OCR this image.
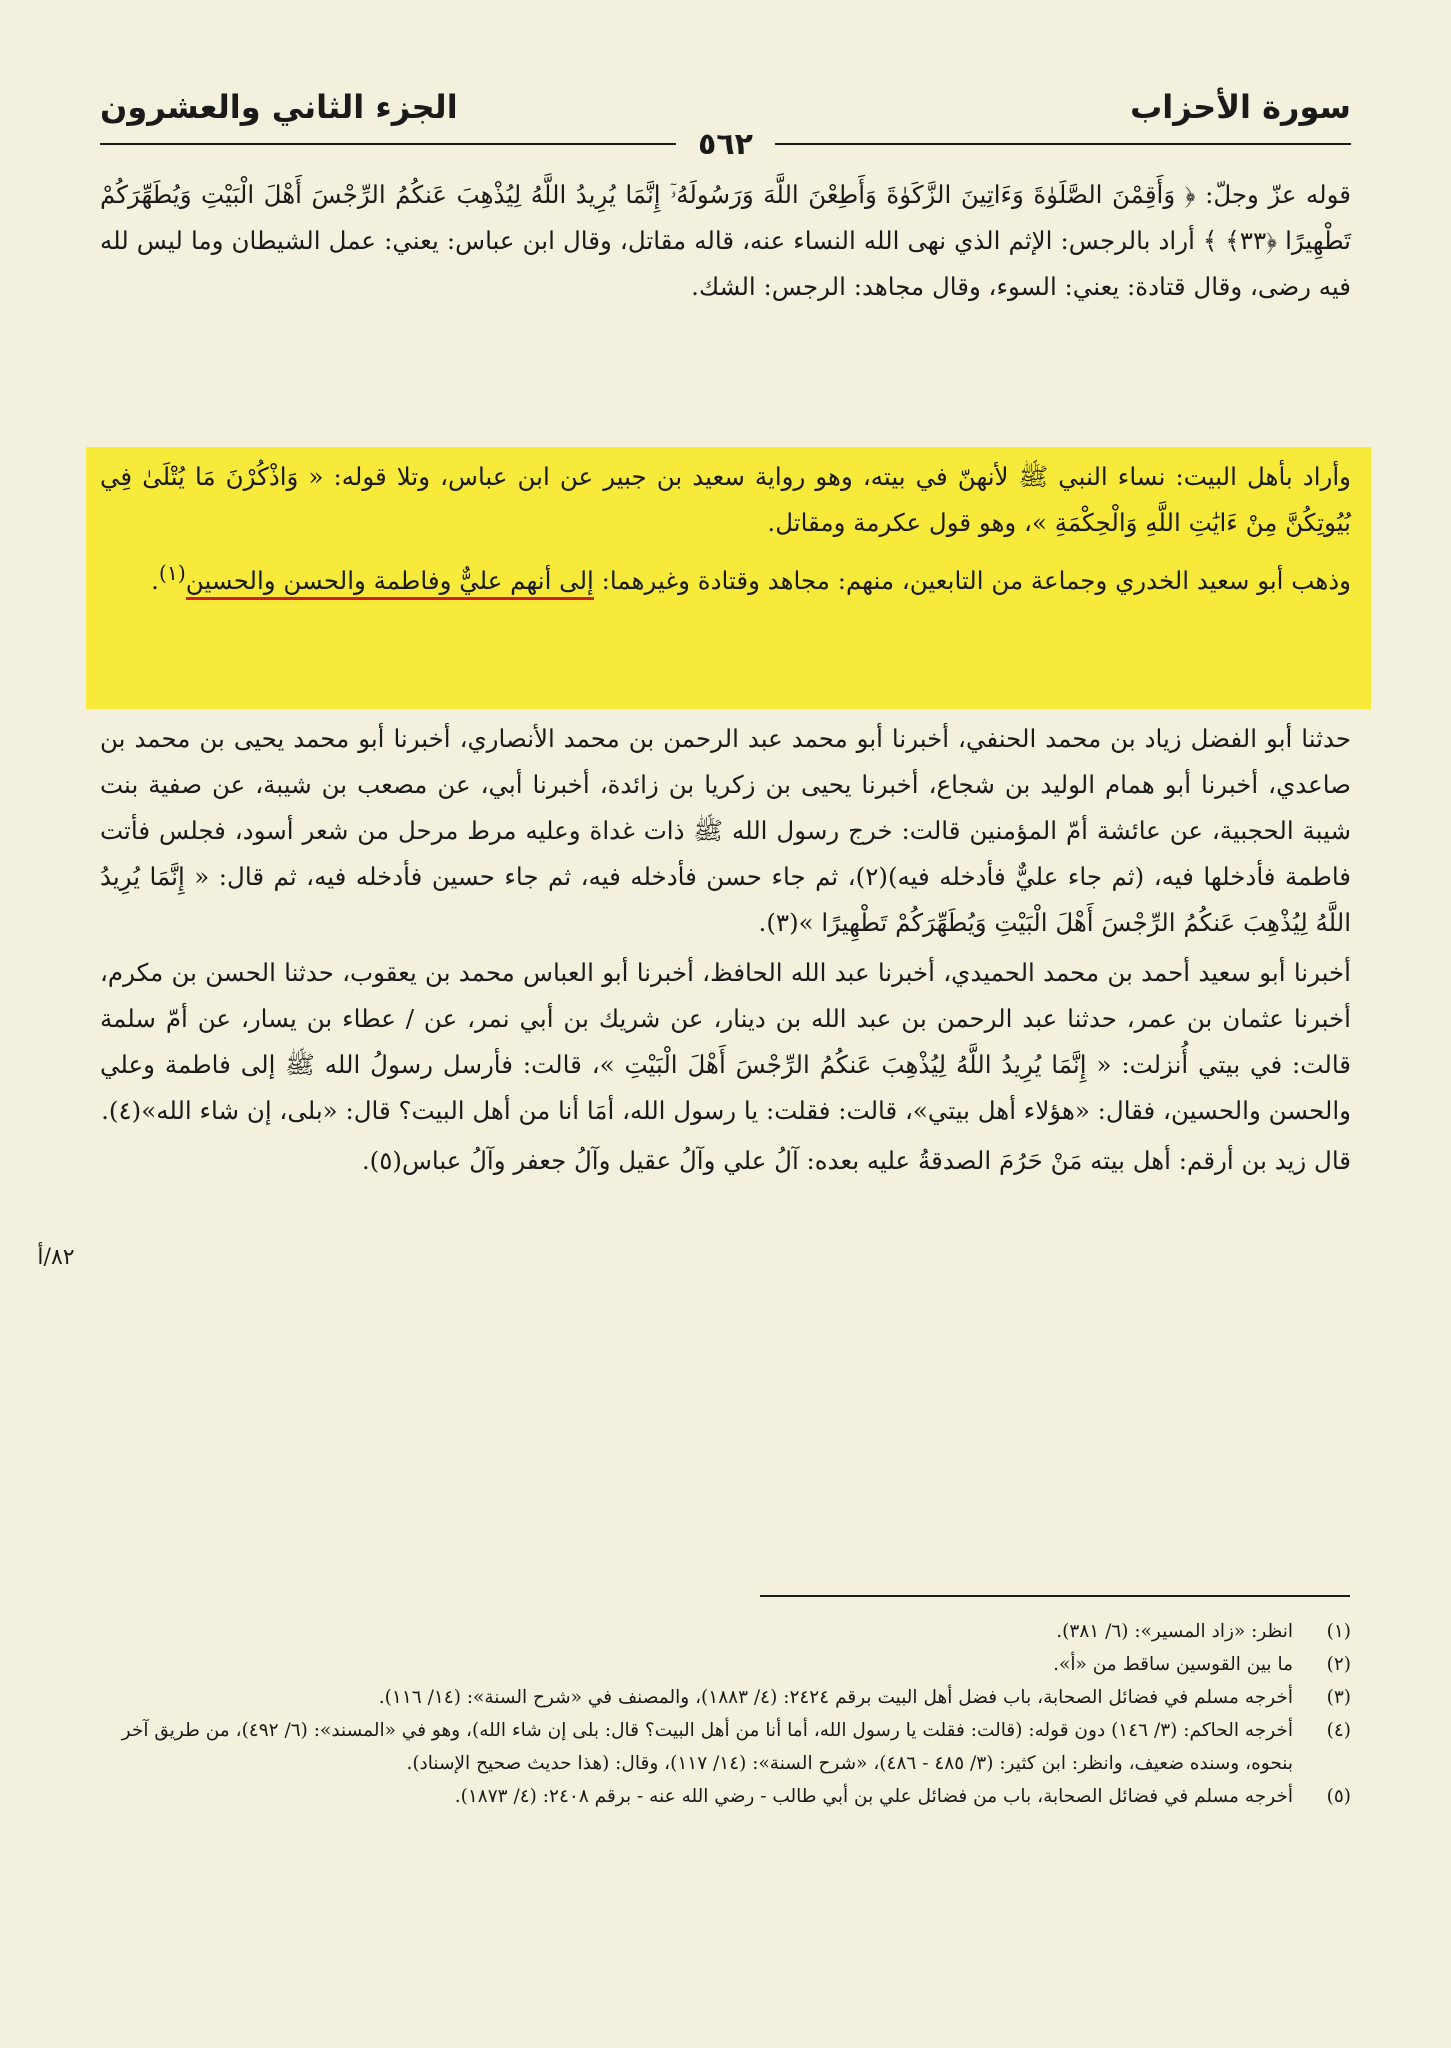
سورة الأحزاب
الجزء الثاني والعشرون
٥٦٢

قوله عزّ وجلّ: ﴿ وَأَقِمْنَ الصَّلَوٰةَ وَءَاتِينَ الزَّكَوٰةَ وَأَطِعْنَ اللَّهَ وَرَسُولَهُۥٓ إِنَّمَا يُرِيدُ اللَّهُ لِيُذْهِبَ عَنكُمُ الرِّجْسَ أَهْلَ الْبَيْتِ وَيُطَهِّرَكُمْ تَطْهِيرًا ﴿٣٣﴾ ﴾ أراد بالرجس: الإثم الذي نهى الله النساء عنه، قاله مقاتل، وقال ابن عباس: يعني: عمل الشيطان وما ليس لله فيه رضى، وقال قتادة: يعني: السوء، وقال مجاهد: الرجس: الشك.

وأراد بأهل البيت: نساء النبي ﷺ لأنهنّ في بيته، وهو رواية سعيد بن جبير عن ابن عباس، وتلا قوله: « وَاذْكُرْنَ مَا يُتْلَىٰ فِي بُيُوتِكُنَّ مِنْ ءَايَٰتِ اللَّهِ وَالْحِكْمَةِ »، وهو قول عكرمة ومقاتل.

وذهب أبو سعيد الخدري وجماعة من التابعين، منهم: مجاهد وقتادة وغيرهما: إلى أنهم عليٌّ وفاطمة والحسن والحسين$^{(١)}$.

حدثنا أبو الفضل زياد بن محمد الحنفي، أخبرنا أبو محمد عبد الرحمن بن محمد الأنصاري، أخبرنا أبو محمد يحيى بن محمد بن صاعدي، أخبرنا أبو همام الوليد بن شجاع، أخبرنا يحيى بن زكريا بن زائدة، أخبرنا أبي، عن مصعب بن شيبة، عن صفية بنت شيبة الحجبية، عن عائشة أمّ المؤمنين قالت: خرج رسول الله ﷺ ذات غداة وعليه مرط مرحل من شعر أسود، فجلس فأتت فاطمة فأدخلها فيه، (ثم جاء عليٌّ فأدخله فيه)(٢)، ثم جاء حسن فأدخله فيه، ثم جاء حسين فأدخله فيه، ثم قال: « إِنَّمَا يُرِيدُ اللَّهُ لِيُذْهِبَ عَنكُمُ الرِّجْسَ أَهْلَ الْبَيْتِ وَيُطَهِّرَكُمْ تَطْهِيرًا »(٣).

أخبرنا أبو سعيد أحمد بن محمد الحميدي، أخبرنا عبد الله الحافظ، أخبرنا أبو العباس محمد بن يعقوب، حدثنا الحسن بن مكرم، أخبرنا عثمان بن عمر، حدثنا عبد الرحمن بن عبد الله بن دينار، عن شريك بن أبي نمر، عن / عطاء بن يسار، عن أمّ سلمة قالت: في بيتي أُنزلت: « إِنَّمَا يُرِيدُ اللَّهُ لِيُذْهِبَ عَنكُمُ الرِّجْسَ أَهْلَ الْبَيْتِ »، قالت: فأرسل رسولُ الله ﷺ إلى فاطمة وعلي والحسن والحسين، فقال: «هؤلاء أهل بيتي»، قالت: فقلت: يا رسول الله، أمَا أنا من أهل البيت؟ قال: «بلى، إن شاء الله»(٤).

قال زيد بن أرقم: أهل بيته مَنْ حَرُمَ الصدقةُ عليه بعده: آلُ علي وآلُ عقيل وآلُ جعفر وآلُ عباس(٥).

٨٢/أ
(١)
انظر: «زاد المسير»: (٦/ ٣٨١).
(٢)
ما بين القوسين ساقط من «أ».
(٣)
أخرجه مسلم في فضائل الصحابة، باب فضل أهل البيت برقم ٢٤٢٤: (٤/ ١٨٨٣)، والمصنف في «شرح السنة»: (١٤/ ١١٦).
(٤)
أخرجه الحاكم: (٣/ ١٤٦) دون قوله: (قالت: فقلت يا رسول الله، أما أنا من أهل البيت؟ قال: بلى إن شاء الله)، وهو في «المسند»: (٦/ ٤٩٢)، من طريق آخر بنحوه، وسنده ضعيف، وانظر: ابن كثير: (٣/ ٤٨٥ - ٤٨٦)، «شرح السنة»: (١٤/ ١١٧)، وقال: (هذا حديث صحيح الإسناد).
(٥)
أخرجه مسلم في فضائل الصحابة، باب من فضائل علي بن أبي طالب - رضي الله عنه - برقم ٢٤٠٨: (٤/ ١٨٧٣).
